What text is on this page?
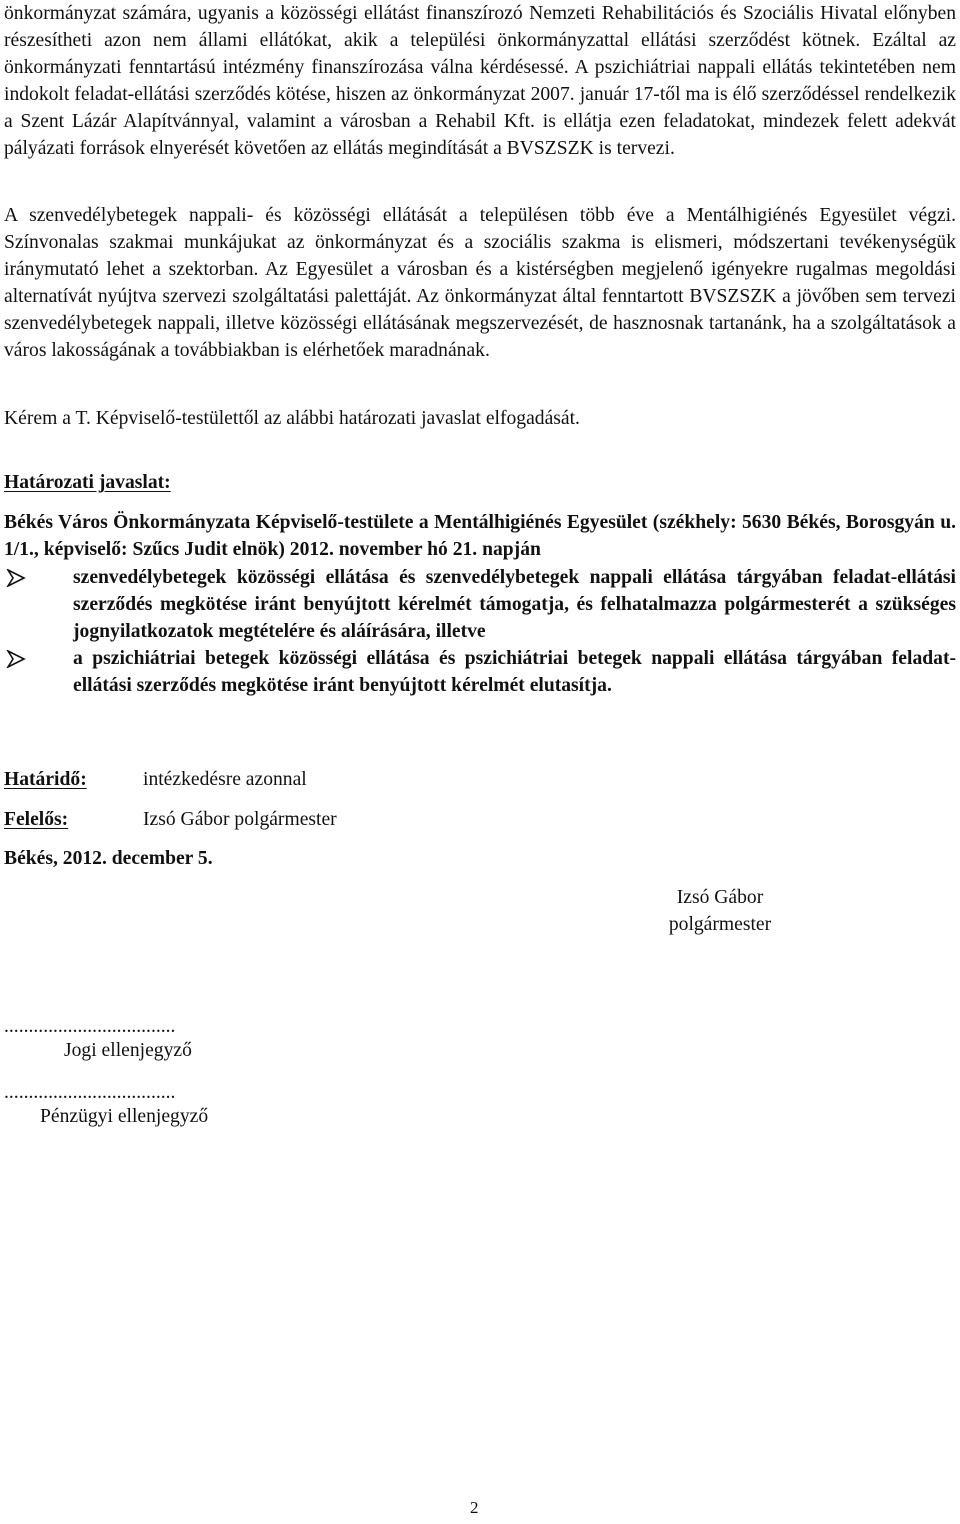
önkormányzat számára, ugyanis a közösségi ellátást finanszírozó Nemzeti Rehabilitációs és Szociális Hivatal előnyben részesítheti azon nem állami ellátókat, akik a települési önkormányzattal ellátási szerződést kötnek. Ezáltal az önkormányzati fenntartású intézmény finanszírozása válna kérdésessé. A pszichiátriai nappali ellátás tekintetében nem indokolt feladat-ellátási szerződés kötése, hiszen az önkormányzat 2007. január 17-től ma is élő szerződéssel rendelkezik a Szent Lázár Alapítvánnyal, valamint a városban a Rehabil Kft. is ellátja ezen feladatokat, mindezek felett adekvát pályázati források elnyerését követően az ellátás megindítását a BVSZSZK is tervezi.

A szenvedélybetegek nappali- és közösségi ellátását a településen több éve a Mentálhigiénés Egyesület végzi. Színvonalas szakmai munkájukat az önkormányzat és a szociális szakma is elismeri, módszertani tevékenységük iránymutató lehet a szektorban. Az Egyesület a városban és a kistérségben megjelenő igényekre rugalmas megoldási alternatívát nyújtva szervezi szolgáltatási palettáját. Az önkormányzat által fenntartott BVSZSZK a jövőben sem tervezi szenvedélybetegek nappali, illetve közösségi ellátásának megszervezését, de hasznosnak tartanánk, ha a szolgáltatások a város lakosságának a továbbiakban is elérhetőek maradnának.

Kérem a T. Képviselő-testülettől az alábbi határozati javaslat elfogadását.

Határozati javaslat:

Békés Város Önkormányzata Képviselő-testülete a Mentálhigiénés Egyesület (székhely: 5630 Békés, Borosgyán u. 1/1., képviselő: Szűcs Judit elnök) 2012. november hó 21. napján

szenvedélybetegek közösségi ellátása és szenvedélybetegek nappali ellátása tárgyában feladat-ellátási szerződés megkötése iránt benyújtott kérelmét támogatja, és felhatalmazza polgármesterét a szükséges jognyilatkozatok megtételére és aláírására, illetve
a pszichiátriai betegek közösségi ellátása és pszichiátriai betegek nappali ellátása tárgyában feladat-ellátási szerződés megkötése iránt benyújtott kérelmét elutasítja.
Határidő:	intézkedésre azonnal
Felelős:	Izsó Gábor polgármester
Békés, 2012. december 5.
Izsó Gábor
polgármester
...................................
Jogi ellenjegyző
...................................
Pénzügyi ellenjegyző
2
